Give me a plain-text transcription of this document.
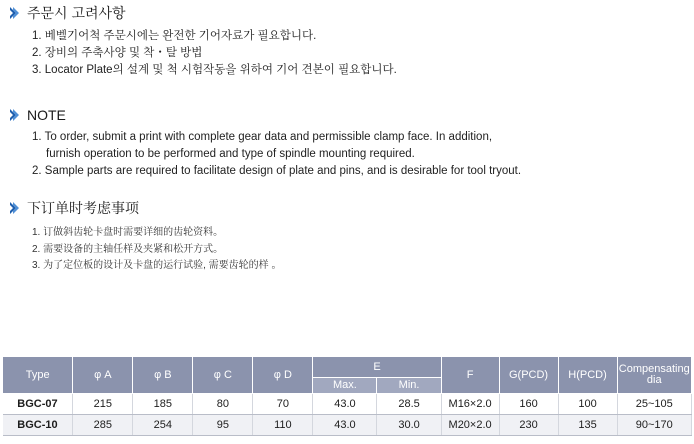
주문시 고려사항
1. 베벨기어척 주문시에는 완전한 기어자료가 필요합니다.
2. 장비의 주축사양 및 착・탈 방법
3. Locator Plate의 설계 및 척 시험작동을 위하여 기어 견본이 필요합니다.
NOTE
1. To order, submit a print with complete gear data and permissible clamp face. In addition,
furnish operation to be performed and type of spindle mounting required.
2. Sample parts are required to facilitate design of plate and pins, and is desirable for tool tryout.
下订单时考虑事项
1. 订做斜齿轮卡盘时需要详细的齿轮资料。
2. 需要设备的主轴任样及夹紧和松开方式。
3. 为了定位板的设计及卡盘的运行试验, 需要齿轮的样 。
Type	φ A	φ B	φ C	φ D	E		F	G(PCD)	H(PCD)	Compensating dia
					Max.	Min.				
BGC-07	215	185	80	70	43.0	28.5	M16×2.0	160	100	25~105
BGC-10	285	254	95	110	43.0	30.0	M20×2.0	230	135	90~170
